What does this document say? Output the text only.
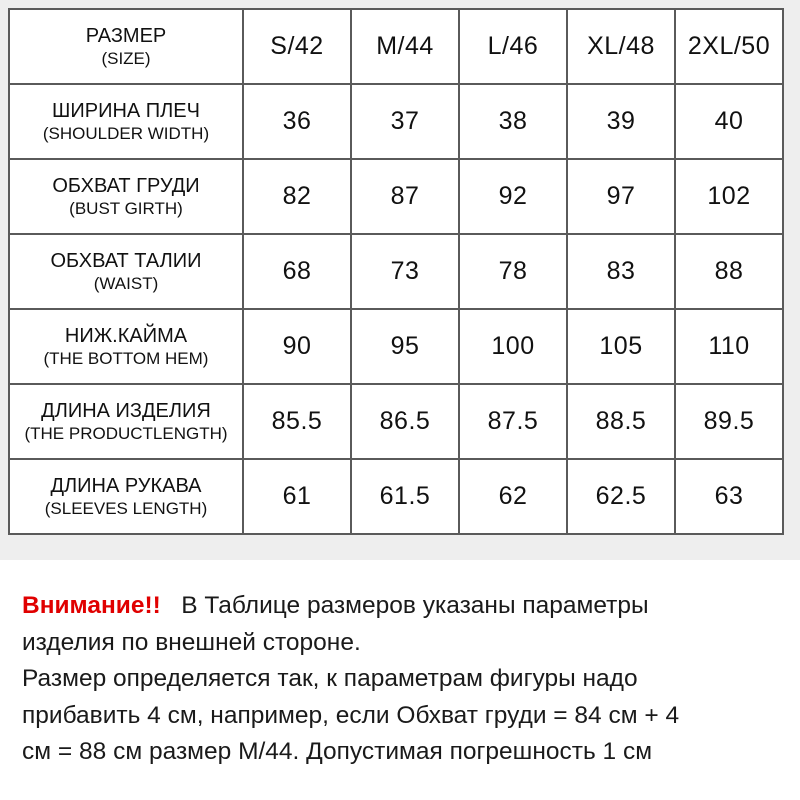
РАЗМЕР
(SIZE)	S/42	M/44	L/46	XL/48	2XL/50

ШИРИНА ПЛЕЧ
(SHOULDER WIDTH)	36	37	38	39	40

ОБХВАТ ГРУДИ
(BUST GIRTH)	82	87	92	97	102

ОБХВАТ ТАЛИИ
(WAIST)	68	73	78	83	88

НИЖ.КАЙМА
(THE BOTTOM HEM)	90	95	100	105	110

ДЛИНА ИЗДЕЛИЯ
(THE PRODUCTLENGTH)	85.5	86.5	87.5	88.5	89.5

ДЛИНА РУКАВА
(SLEEVES LENGTH)	61	61.5	62	62.5	63
Внимание!! В Таблице размеров указаны параметры
изделия по внешней стороне.
Размер определяется так, к параметрам фигуры надо
прибавить 4 см, например, если Обхват груди = 84 см + 4
см = 88 см размер M/44. Допустимая погрешность 1 см
